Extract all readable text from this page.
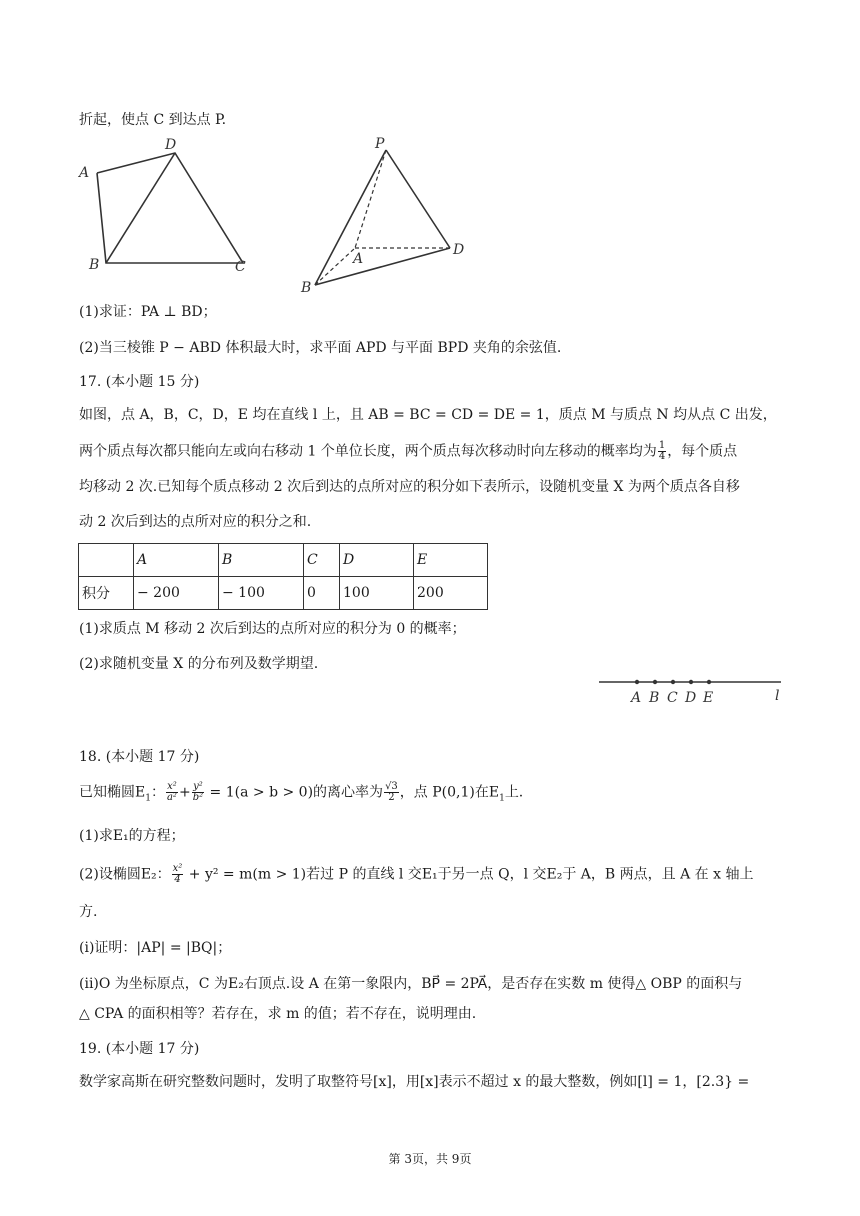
折起，使点 C 到达点 P.
A
B	C
D	P
A
B
D
(1)求证：PA ⊥ BD；
(2)当三棱锥 P − ABD 体积最大时，求平面 APD 与平面 BPD 夹角的余弦值.
17. (本小题 15 分)
如图，点 A，B，C，D，E 均在直线 l 上，且 AB = BC = CD = DE = 1，质点 M 与质点 N 均从点 C 出发，
两个质点每次都只能向左或向右移动 1 个单位长度，两个质点每次移动时向左移动的概率均为 $\frac{1}{4}$ ，每个质点
均移动 2 次.已知每个质点移动 2 次后到达的点所对应的积分如下表所示，设随机变量 X 为两个质点各自移
动 2 次后到达的点所对应的积分之和.
	A	B	C	D	E
积分	− 200	− 100	0	100	200
(1)求质点 M 移动 2 次后到达的点所对应的积分为 0 的概率；
(2)求随机变量 X 的分布列及数学期望.
A B C D E	l
18. (本小题 17 分)
已知椭圆$E_1$： $\frac{\text{x²}}{\text{a²}} + \frac{\text{y²}}{\text{b²}} = 1(a > b > 0)$的离心率为 $\frac{√3}{2}$ ，点 P(0,1)在$E_1$上.
(1)求E₁的方程；
(2)设椭圆E₂： $\frac{\text{x²}}{4} + y^2 = m(m > 1)$若过 P 的直线 l 交E₁于另一点 Q，l 交E₂于 A，B 两点，且 A 在 x 轴上
方.
(i)证明：|AP| = |BQ|；
(ii)O 为坐标原点，C 为E₂右顶点.设 A 在第一象限内，BP⃗ = 2PA⃗，是否存在实数 m 使得△ OBP 的面积与
△ CPA 的面积相等？若存在，求 m 的值；若不存在，说明理由.
19. (本小题 17 分)
数学家高斯在研究整数问题时，发明了取整符号[x]，用[x]表示不超过 x 的最大整数，例如[l] = 1，[2.3} =
第 3页，共 9页
